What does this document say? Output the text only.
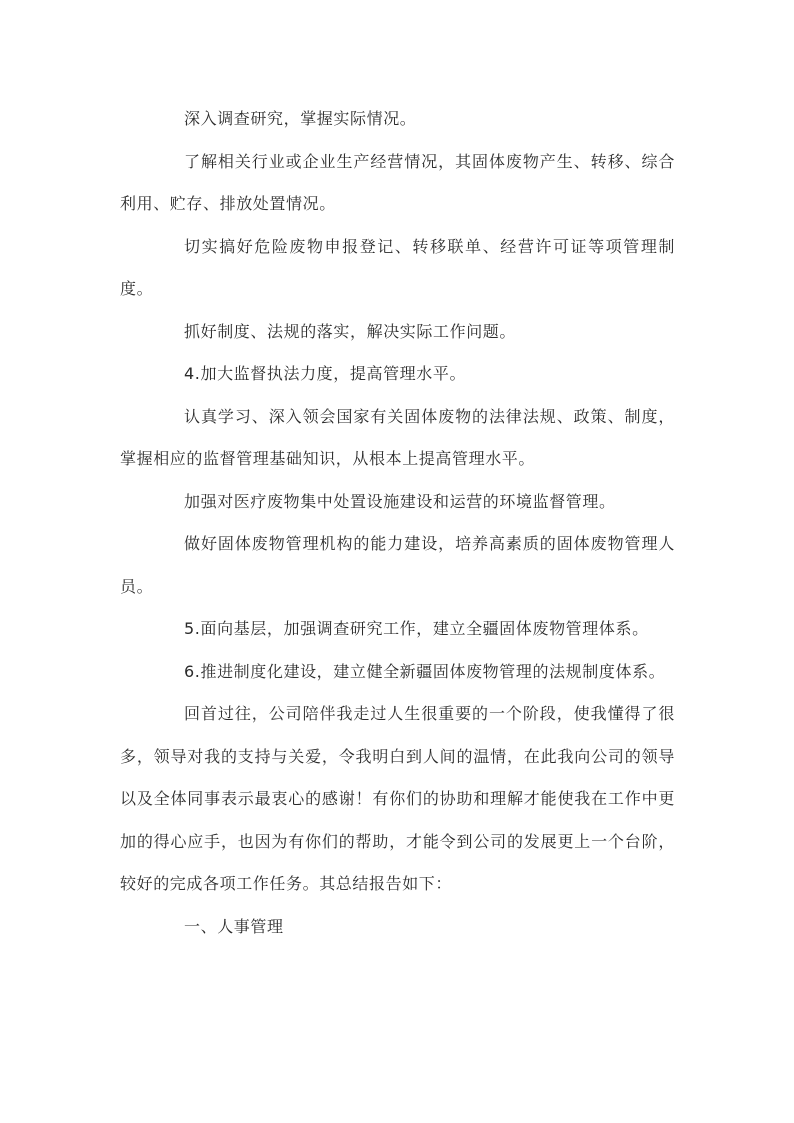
深入调查研究，掌握实际情况。

了解相关行业或企业生产经营情况，其固体废物产生、转移、综合利用、贮存、排放处置情况。

切实搞好危险废物申报登记、转移联单、经营许可证等项管理制度。

抓好制度、法规的落实，解决实际工作问题。

4.加大监督执法力度，提高管理水平。

认真学习、深入领会国家有关固体废物的法律法规、政策、制度，掌握相应的监督管理基础知识，从根本上提高管理水平。

加强对医疗废物集中处置设施建设和运营的环境监督管理。

做好固体废物管理机构的能力建设，培养高素质的固体废物管理人员。

5.面向基层，加强调查研究工作，建立全疆固体废物管理体系。

6.推进制度化建设，建立健全新疆固体废物管理的法规制度体系。

回首过往，公司陪伴我走过人生很重要的一个阶段，使我懂得了很多，领导对我的支持与关爱，令我明白到人间的温情，在此我向公司的领导以及全体同事表示最衷心的感谢！有你们的协助和理解才能使我在工作中更加的得心应手，也因为有你们的帮助，才能令到公司的发展更上一个台阶，较好的完成各项工作任务。其总结报告如下：

一、人事管理
